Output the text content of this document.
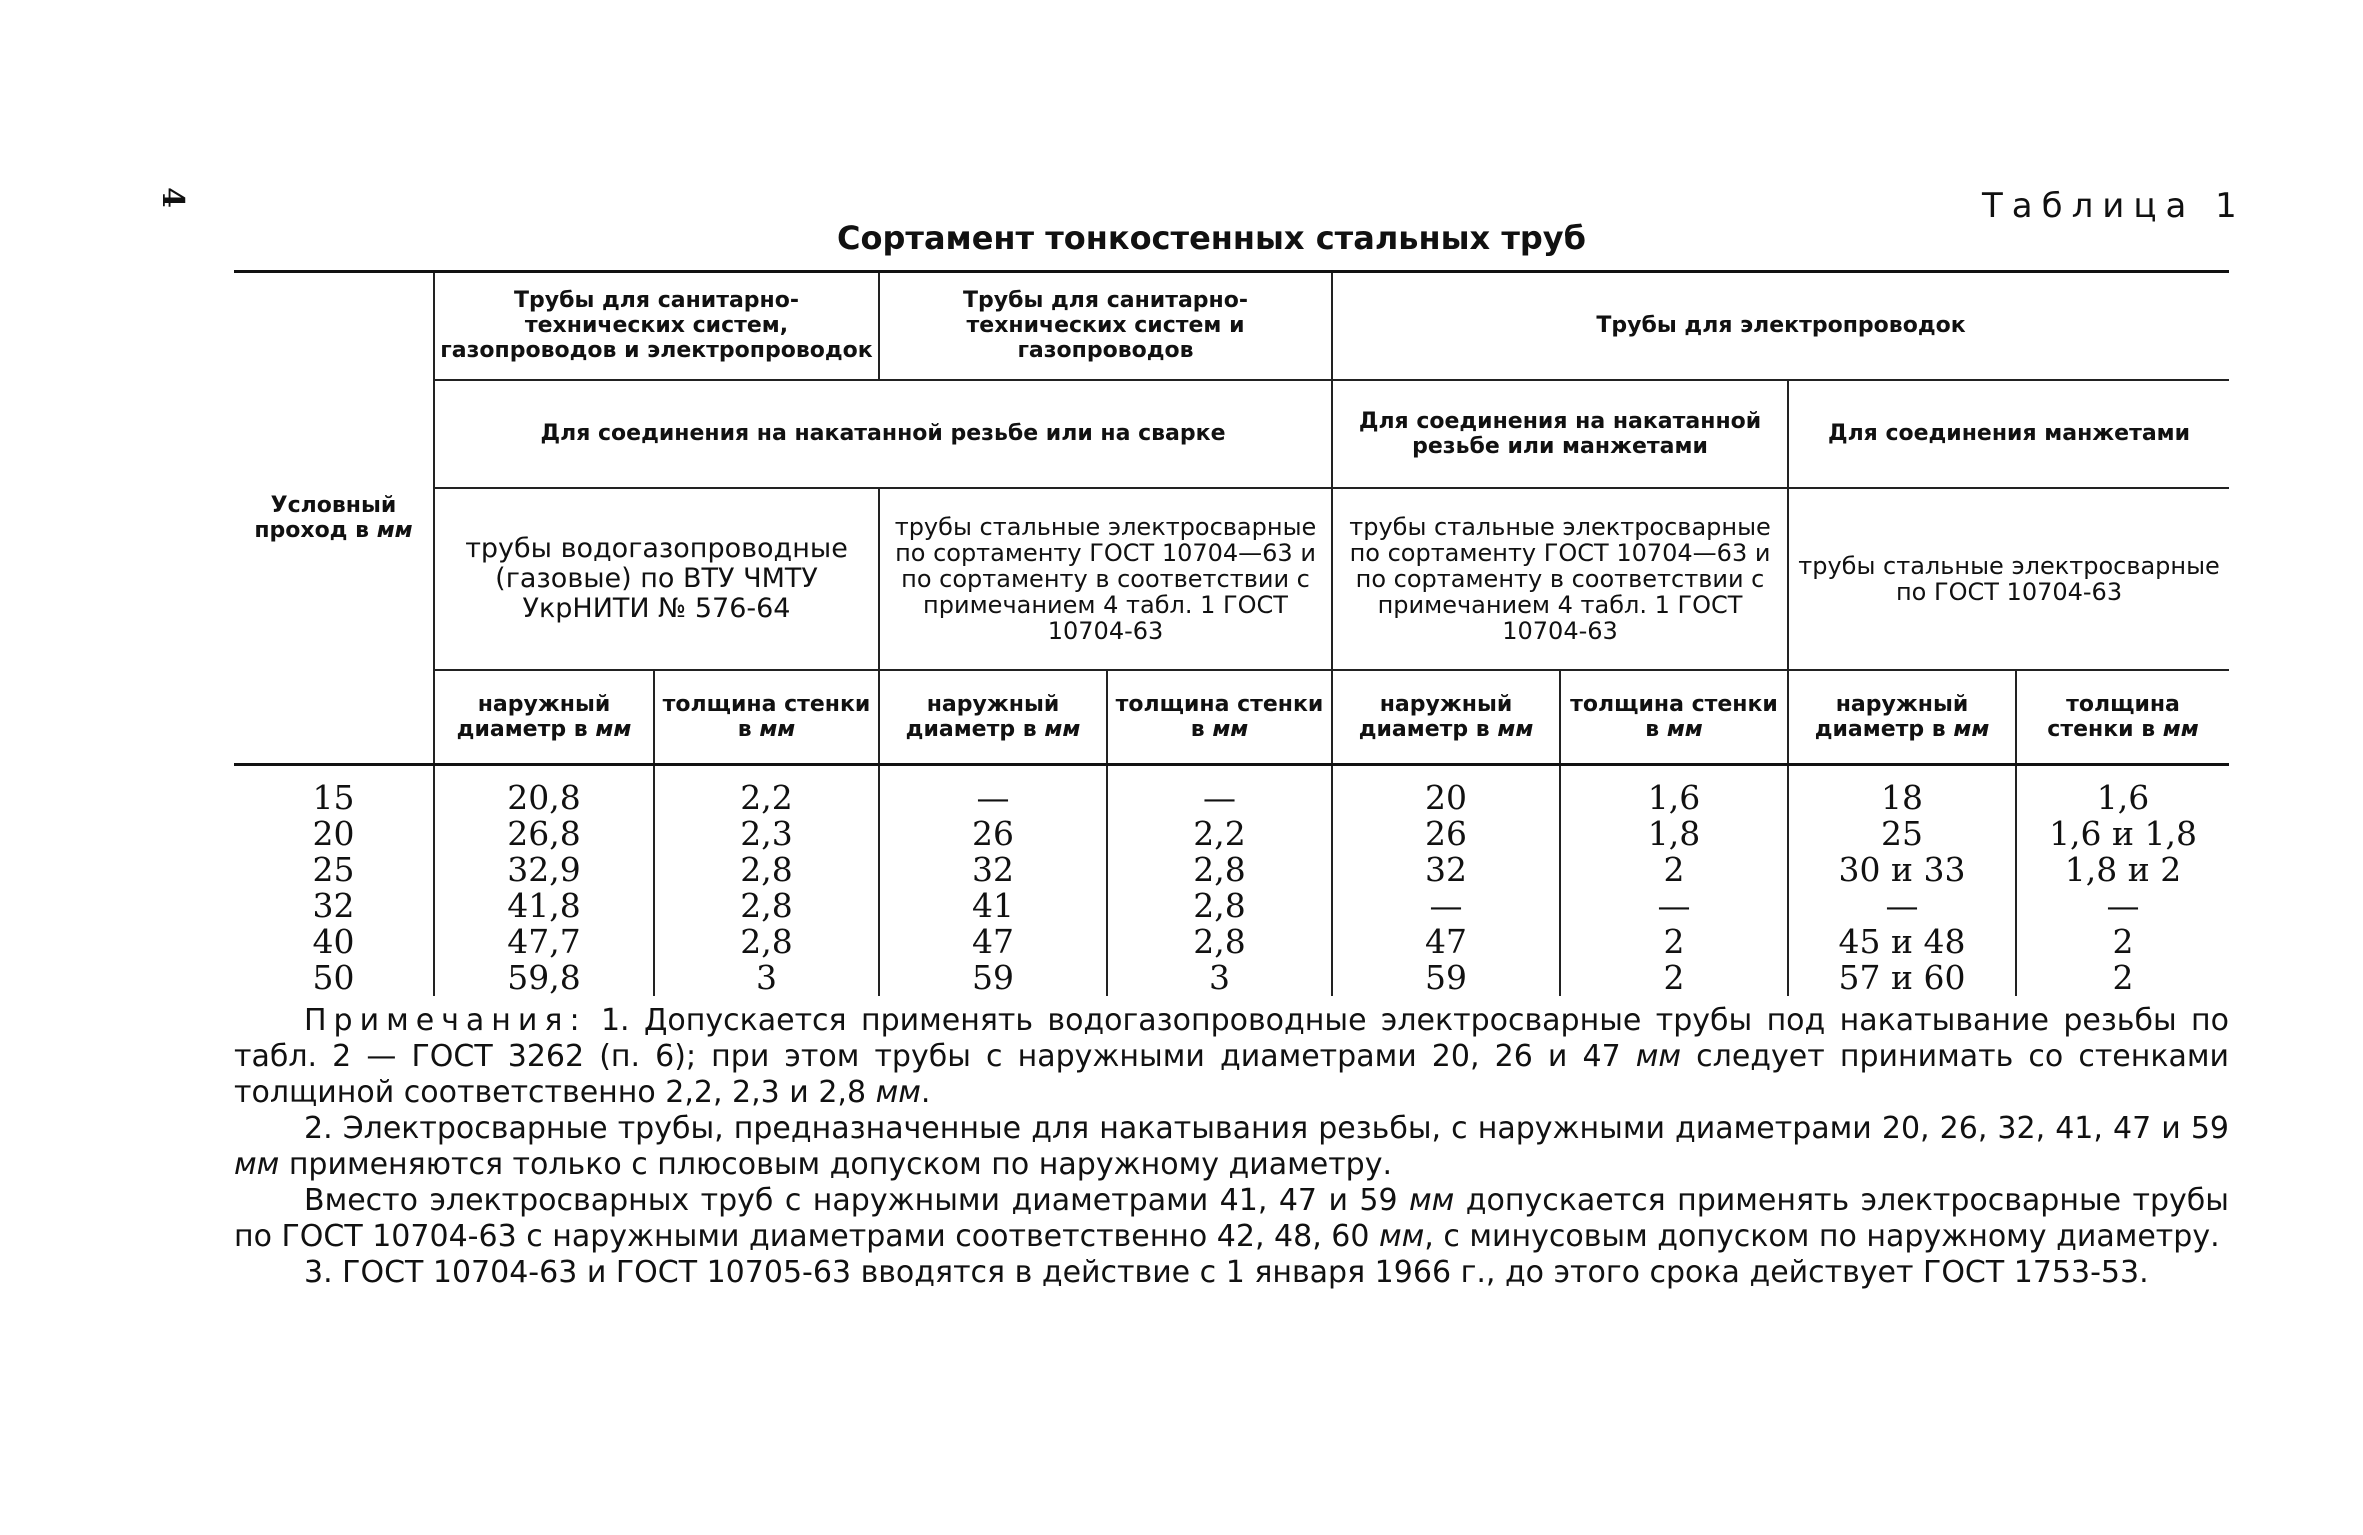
4	Таблица 1
Сортамент тонкостенных стальных труб
Условный проход в мм	Трубы для санитарно-технических систем, газопроводов и электропроводок		Трубы для санитарно-технических систем и газопроводов		Трубы для электропроводок			
	Для соединения на накатанной резьбе или на сварке				Для соединения на накатанной резьбе или манжетами		Для соединения манжетами	
	трубы водогазопроводные (газовые) по ВТУ ЧМТУ УкрНИТИ № 576-64		трубы стальные электросварные по сортаменту ГОСТ 10704—63 и по сортаменту в соответствии с примечанием 4 табл. 1 ГОСТ 10704-63		трубы стальные электросварные по сортаменту ГОСТ 10704—63 и по сортаменту в соответствии с примечанием 4 табл. 1 ГОСТ 10704-63		трубы стальные электросварные по ГОСТ 10704-63	
	наружный диаметр в мм	толщина стенки в мм	наружный диаметр в мм	толщина стенки в мм	наружный диаметр в мм	толщина стенки в мм	наружный диаметр в мм	толщина стенки в мм
15	20,8	2,2	—	—	20	1,6	18	1,6
20	26,8	2,3	26	2,2	26	1,8	25	1,6 и 1,8
25	32,9	2,8	32	2,8	32	2	30 и 33	1,8 и 2
32	41,8	2,8	41	2,8	—	—	—	—
40	47,7	2,8	47	2,8	47	2	45 и 48	2
50	59,8	3	59	3	59	2	57 и 60	2

Примечания: 1. Допускается применять водогазопроводные электросварные трубы под накатывание резьбы по табл. 2 — ГОСТ 3262 (п. 6); при этом трубы с наружными диаметрами 20, 26 и 47 мм следует принимать со стенками толщиной соответственно 2,2, 2,3 и 2,8 мм.

2. Электросварные трубы, предназначенные для накатывания резьбы, с наружными диаметрами 20, 26, 32, 41, 47 и 59 мм применяются только с плюсовым допуском по наружному диаметру.

Вместо электросварных труб с наружными диаметрами 41, 47 и 59 мм допускается применять электросварные трубы по ГОСТ 10704-63 с наружными диаметрами соответственно 42, 48, 60 мм, с минусовым допуском по наружному диаметру.

3. ГОСТ 10704-63 и ГОСТ 10705-63 вводятся в действие с 1 января 1966 г., до этого срока действует ГОСТ 1753-53.
